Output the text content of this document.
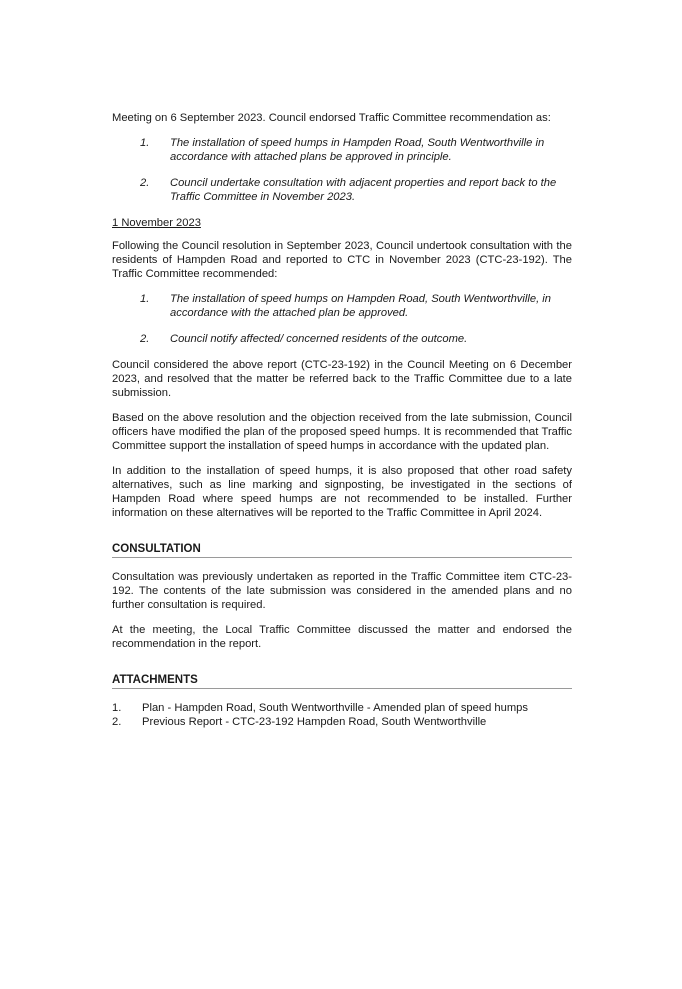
Meeting on 6 September 2023. Council endorsed Traffic Committee recommendation as:

1.	The installation of speed humps in Hampden Road, South Wentworthville in accordance with attached plans be approved in principle.
2.	Council undertake consultation with adjacent properties and report back to the Traffic Committee in November 2023.
1 November 2023

Following the Council resolution in September 2023, Council undertook consultation with the residents of Hampden Road and reported to CTC in November 2023 (CTC-23-192). The Traffic Committee recommended:

1.	The installation of speed humps on Hampden Road, South Wentworthville, in accordance with the attached plan be approved.
2.	Council notify affected/ concerned residents of the outcome.

Council considered the above report (CTC-23-192) in the Council Meeting on 6 December 2023, and resolved that the matter be referred back to the Traffic Committee due to a late submission.

Based on the above resolution and the objection received from the late submission, Council officers have modified the plan of the proposed speed humps. It is recommended that Traffic Committee support the installation of speed humps in accordance with the updated plan.

In addition to the installation of speed humps, it is also proposed that other road safety alternatives, such as line marking and signposting, be investigated in the sections of Hampden Road where speed humps are not recommended to be installed. Further information on these alternatives will be reported to the Traffic Committee in April 2024.

CONSULTATION

Consultation was previously undertaken as reported in the Traffic Committee item CTC-23-192. The contents of the late submission was considered in the amended plans and no further consultation is required.

At the meeting, the Local Traffic Committee discussed the matter and endorsed the recommendation in the report.

ATTACHMENTS
1.	Plan - Hampden Road, South Wentworthville - Amended plan of speed humps
2.	Previous Report - CTC-23-192 Hampden Road, South Wentworthville
